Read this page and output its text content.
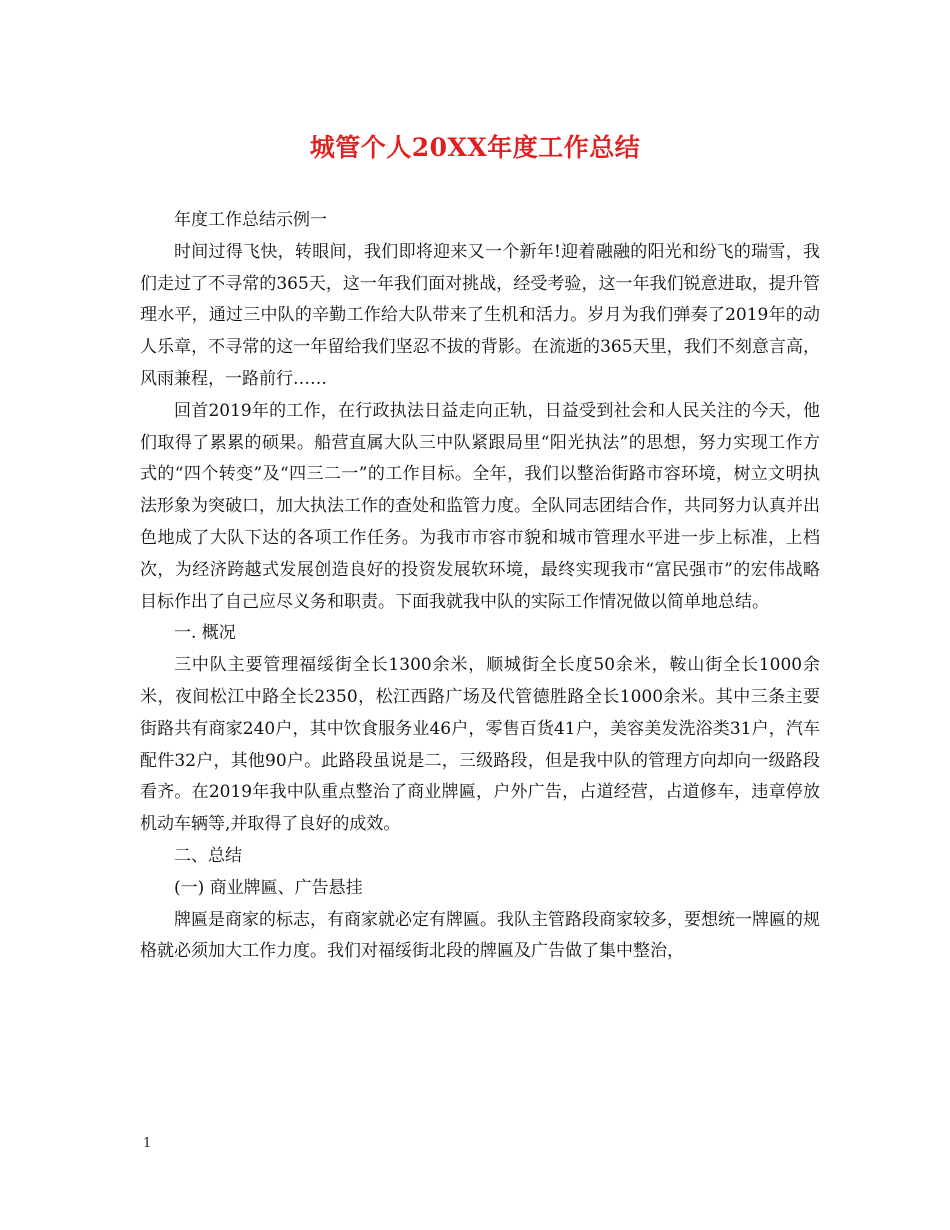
城管个人20XX年度工作总结

年度工作总结示例一

时间过得飞快，转眼间，我们即将迎来又一个新年!迎着融融的阳光和纷飞的瑞雪，我们走过了不寻常的365天，这一年我们面对挑战，经受考验，这一年我们锐意进取，提升管理水平，通过三中队的辛勤工作给大队带来了生机和活力。岁月为我们弹奏了2019年的动人乐章，不寻常的这一年留给我们坚忍不拔的背影。在流逝的365天里，我们不刻意言高，风雨兼程，一路前行……

回首2019年的工作，在行政执法日益走向正轨，日益受到社会和人民关注的今天，他们取得了累累的硕果。船营直属大队三中队紧跟局里“阳光执法”的思想，努力实现工作方式的“四个转变”及“四三二一”的工作目标。全年，我们以整治街路市容环境，树立文明执法形象为突破口，加大执法工作的查处和监管力度。全队同志团结合作，共同努力认真并出色地成了大队下达的各项工作任务。为我市市容市貌和城市管理水平进一步上标准，上档次，为经济跨越式发展创造良好的投资发展软环境，最终实现我市“富民强市”的宏伟战略目标作出了自己应尽义务和职责。下面我就我中队的实际工作情况做以简单地总结。

一. 概况

三中队主要管理福绥街全长1300余米，顺城街全长度50余米，鞍山街全长1000余米，夜间松江中路全长2350，松江西路广场及代管德胜路全长1000余米。其中三条主要街路共有商家240户，其中饮食服务业46户，零售百货41户，美容美发洗浴类31户，汽车配件32户，其他90户。此路段虽说是二，三级路段，但是我中队的管理方向却向一级路段看齐。在2019年我中队重点整治了商业牌匾，户外广告，占道经营，占道修车，违章停放机动车辆等,并取得了良好的成效。

二、总结

(一) 商业牌匾、广告悬挂

牌匾是商家的标志，有商家就必定有牌匾。我队主管路段商家较多，要想统一牌匾的规格就必须加大工作力度。我们对福绥街北段的牌匾及广告做了集中整治，

1
